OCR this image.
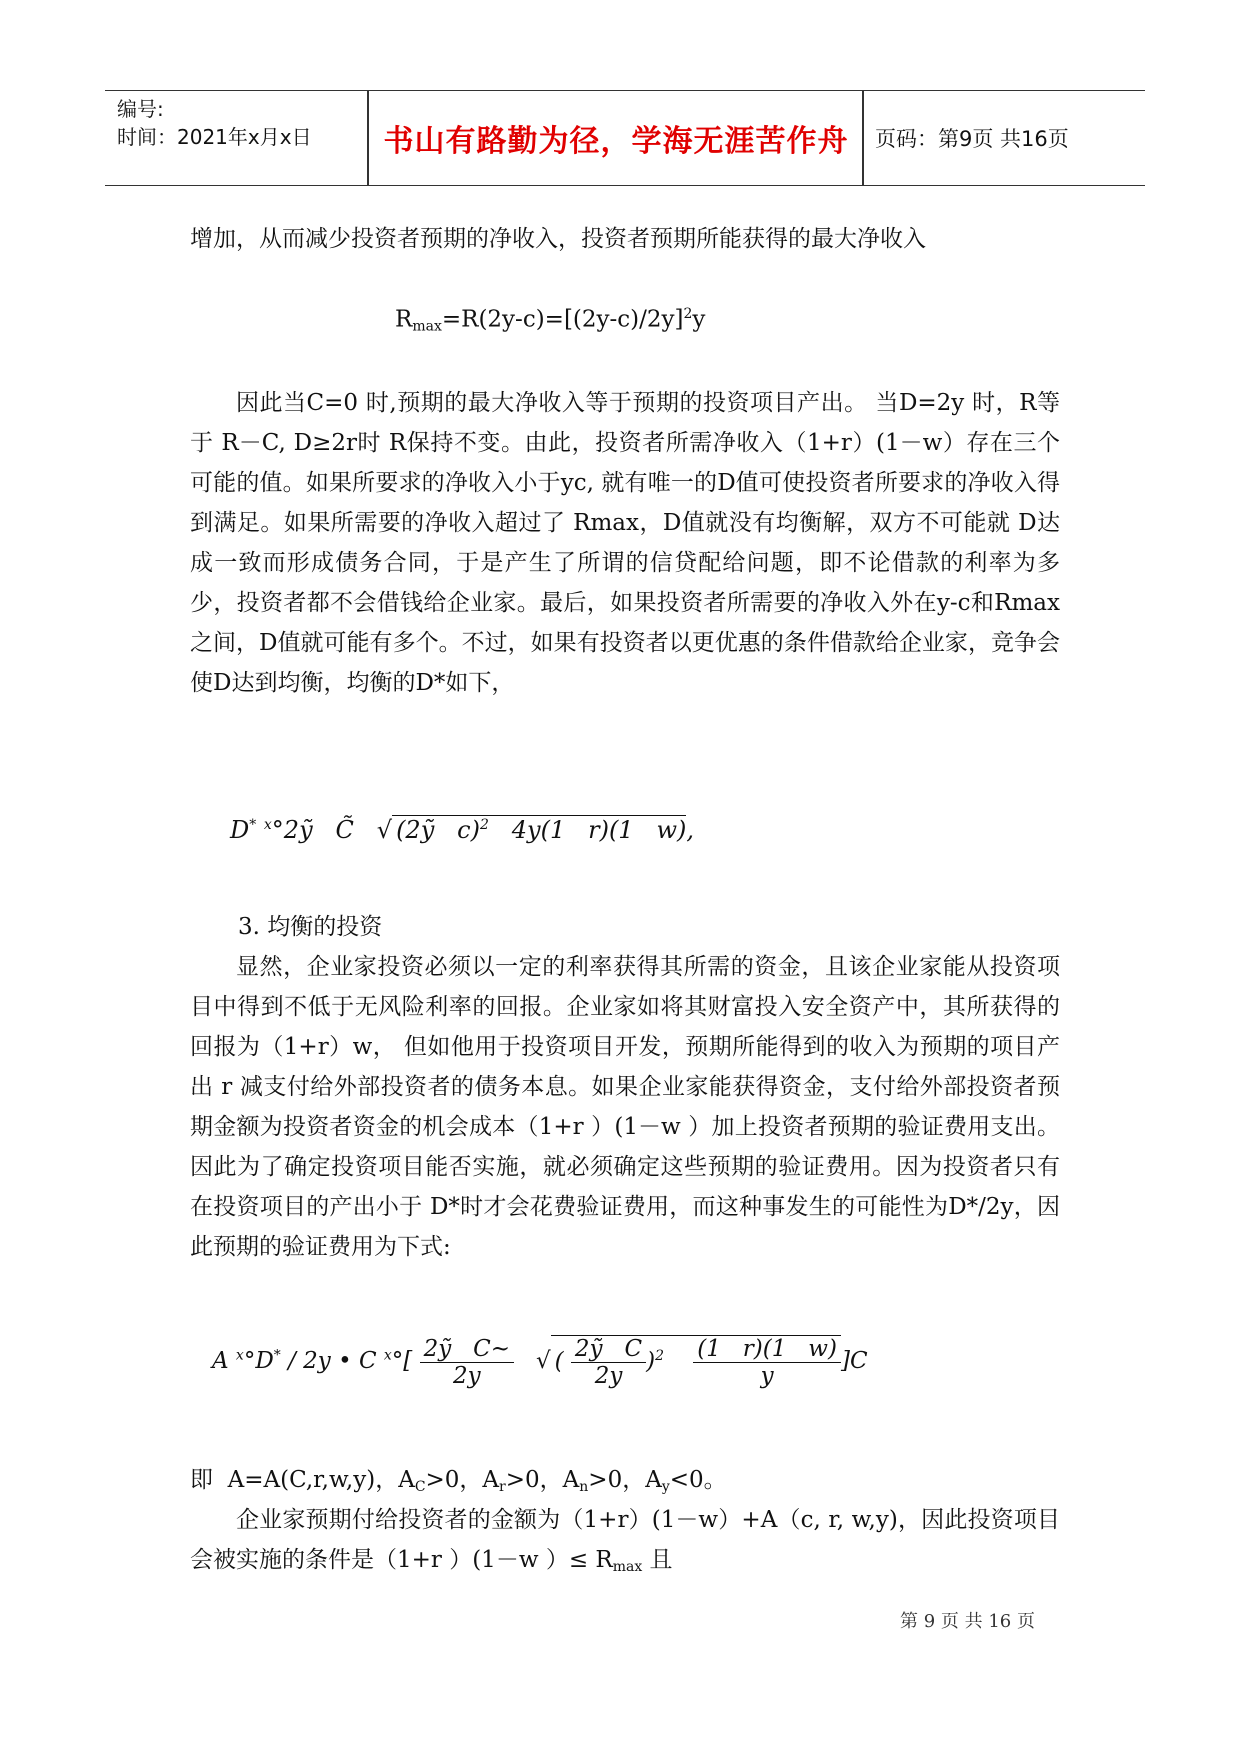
编号:
时间：2021年x月x日	书山有路勤为径，学海无涯苦作舟	页码：第9页 共16页

增加，从而减少投资者预期的净收入，投资者预期所能获得的最大净收入

$R_{max}=R(2y-c)=[(2y-c)/2y]^2y$

因此当C=0 时,预期的最大净收入等于预期的投资项目产出。 当D=2y 时，R等于 R－C, D≥2r时 R保持不变。由此，投资者所需净收入（1+r）(1－w）存在三个可能的值。如果所要求的净收入小于yc, 就有唯一的D值可使投资者所要求的净收入得到满足。如果所需要的净收入超过了 Rmax，D值就没有均衡解，双方不可能就 D达成一致而形成债务合同，于是产生了所谓的信贷配给问题，即不论借款的利率为多少，投资者都不会借钱给企业家。最后，如果投资者所需要的净收入外在y-c和Rmax之间，D值就可能有多个。不过，如果有投资者以更优惠的条件借款给企业家，竞争会使D达到均衡，均衡的D*如下，

D* $^x$°2ỹ   C̃   √ (2ỹ   c)$^2$   4y(1   r)(1   w),
3. 均衡的投资

显然，企业家投资必须以一定的利率获得其所需的资金，且该企业家能从投资项目中得到不低于无风险利率的回报。企业家如将其财富投入安全资产中，其所获得的回报为（1+r）w， 但如他用于投资项目开发，预期所能得到的收入为预期的项目产出 r 减支付给外部投资者的债务本息。如果企业家能获得资金，支付给外部投资者预期金额为投资者资金的机会成本（1+r ）(1－w ）加上投资者预期的验证费用支出。因此为了确定投资项目能否实施，就必须确定这些预期的验证费用。因为投资者只有在投资项目的产出小于 D*时才会花费验证费用，而这种事发生的可能性为D*/2y，因此预期的验证费用为下式:

A $^x$°D* / 2y • C $^x^\circ[ \frac{\text{2ỹ   C\textasciitilde{}}}{2y}$ √ ( $\frac{\text{2ỹ   C}}{2y} )^2 \frac{(1 r)(1 w)}{y} ]C$

即  A=A(C,r,w,y)，$A_C>0$，$A_r>0$，$A_n>0$，$A_y<0$。

企业家预期付给投资者的金额为（1+r）(1－w）+A（c, r, w,y)，因此投资项目会被实施的条件是（1+r ）(1－w ）≤ $R_{max}$ 且

第 9 页 共 16 页
